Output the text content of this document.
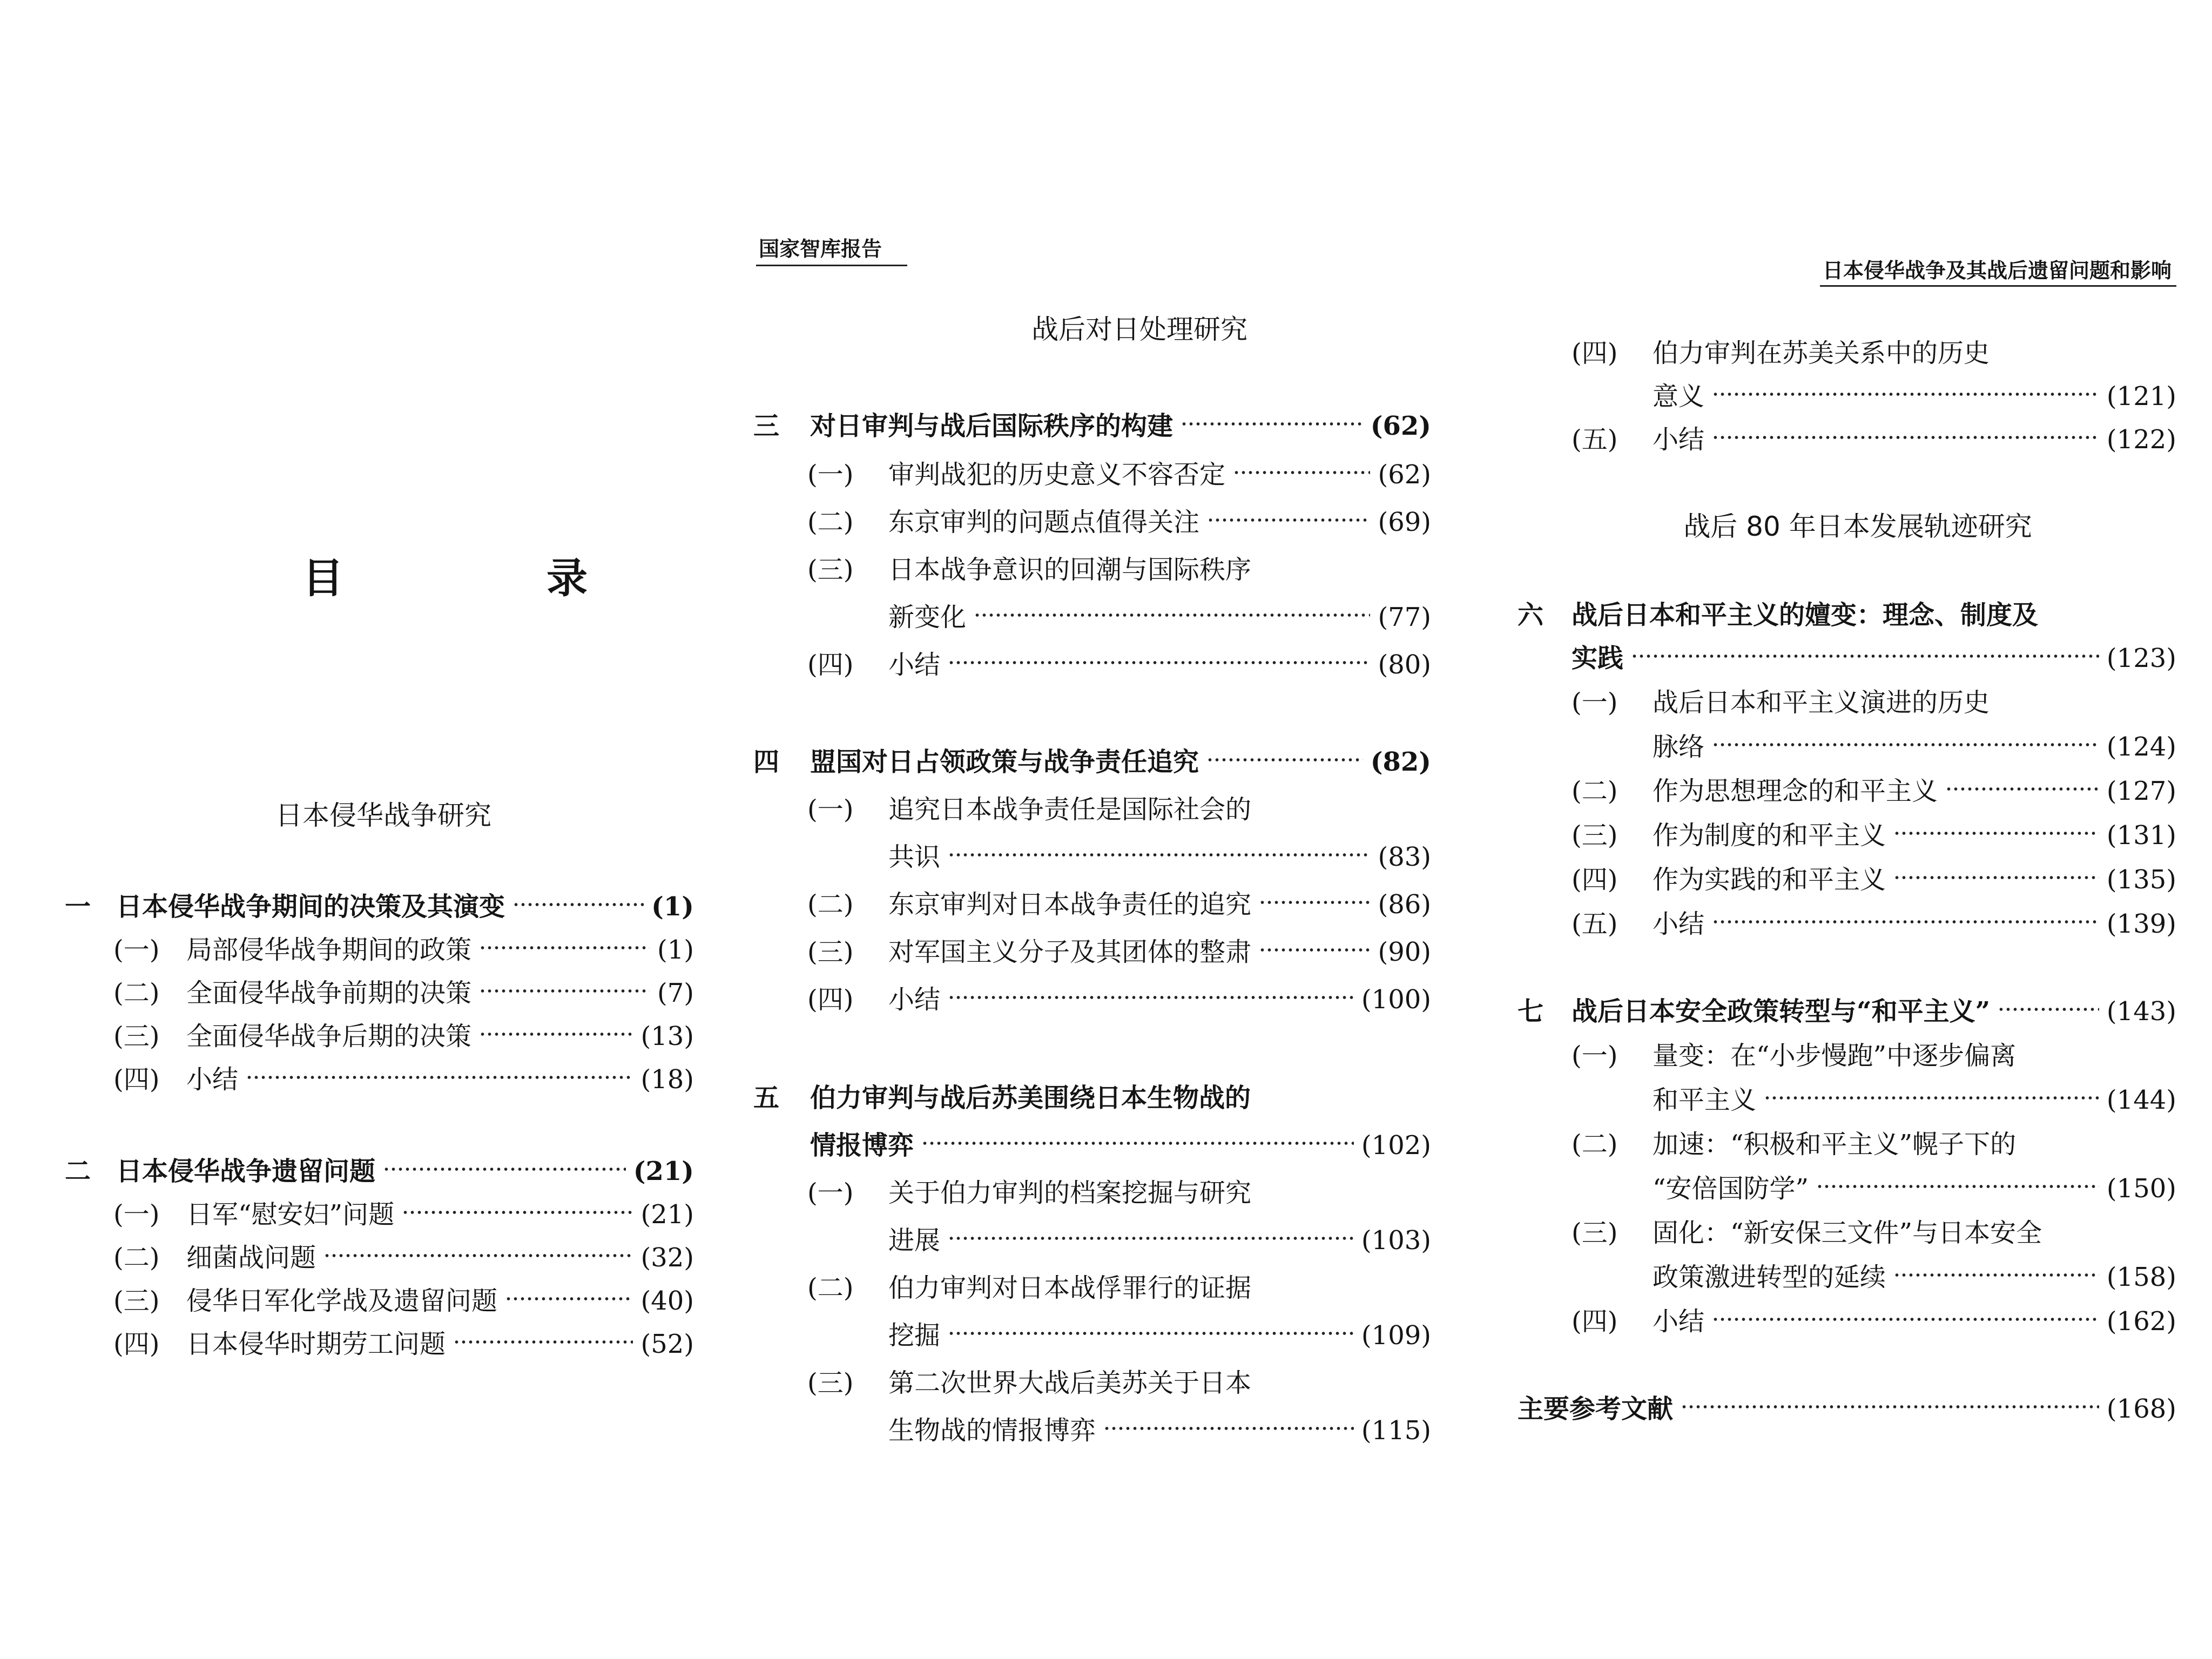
目　录
日本侵华战争研究
一 日本侵华战争期间的决策及其演变	(1)
(一)	局部侵华战争期间的政策	(1)
(二)	全面侵华战争前期的决策	(7)
(三)	全面侵华战争后期的决策	(13)
(四)	小结	(18)
二 日本侵华战争遗留问题	(21)
(一)	日军“慰安妇”问题	(21)
(二)	细菌战问题	(32)
(三)	侵华日军化学战及遗留问题	(40)
(四)	日本侵华时期劳工问题	(52)
国家智库报告
战后对日处理研究
三	对日审判与战后国际秩序的构建	(62)
(一)	审判战犯的历史意义不容否定	(62)
(二)	东京审判的问题点值得关注	(69)
(三) 日本战争意识的回潮与国际秩序
新变化	(77)
(四)	小结	(80)
四	盟国对日占领政策与战争责任追究	(82)
(一) 追究日本战争责任是国际社会的
共识	(83)
(二)	东京审判对日本战争责任的追究	(86)
(三)	对军国主义分子及其团体的整肃	(90)
(四)	小结	(100)
五 伯力审判与战后苏美围绕日本生物战的
情报博弈	(102)
(一) 关于伯力审判的档案挖掘与研究
进展	(103)
(二) 伯力审判对日本战俘罪行的证据
挖掘	(109)
(三) 第二次世界大战后美苏关于日本
生物战的情报博弈	(115)
日本侵华战争及其战后遗留问题和影响
(四) 伯力审判在苏美关系中的历史
意义	(121)
(五)	小结	(122)
战后 80 年日本发展轨迹研究
六 战后日本和平主义的嬗变：理念、制度及
实践	(123)
(一) 战后日本和平主义演进的历史
脉络	(124)
(二)	作为思想理念的和平主义	(127)
(三)	作为制度的和平主义	(131)
(四)	作为实践的和平主义	(135)
(五)	小结	(139)
七	战后日本安全政策转型与“和平主义”	(143)
(一) 量变：在“小步慢跑”中逐步偏离
和平主义	(144)
(二) 加速：“积极和平主义”幌子下的
“安倍国防学”	(150)
(三) 固化：“新安保三文件”与日本安全
政策激进转型的延续	(158)
(四)	小结	(162)
主要参考文献	(168)
